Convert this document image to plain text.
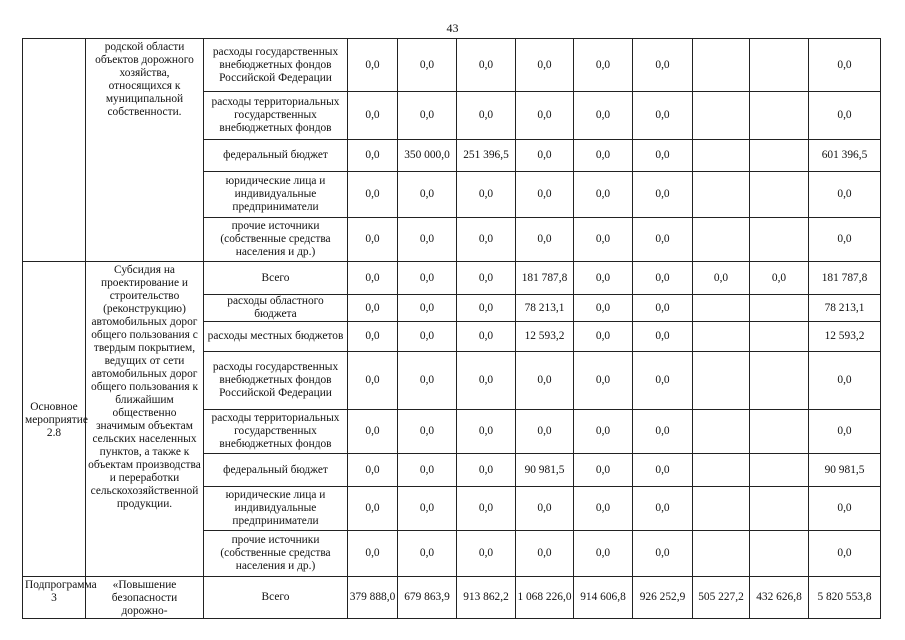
43
	родской области объектов дорожного хозяйства, относящихся к муниципальной собственности.	расходы государственных внебюджетных фондов Российской Федерации	0,0	0,0	0,0	0,0	0,0	0,0			0,0
		расходы территориальных государственных внебюджетных фондов	0,0	0,0	0,0	0,0	0,0	0,0			0,0
		федеральный бюджет	0,0	350 000,0	251 396,5	0,0	0,0	0,0			601 396,5
		юридические лица и индивидуальные предприниматели	0,0	0,0	0,0	0,0	0,0	0,0			0,0
		прочие источники (собственные средства населения и др.)	0,0	0,0	0,0	0,0	0,0	0,0			0,0
Основное мероприятие 2.8	Субсидия на проектирование и строительство (реконструкцию) автомобильных дорог общего пользования с твердым покрытием, ведущих от сети автомобильных дорог общего пользования к ближайшим общественно значимым объектам сельских населенных пунктов, а также к объектам производства и переработки сельскохозяйственной продукции.	Всего	0,0	0,0	0,0	181 787,8	0,0	0,0	0,0	0,0	181 787,8
		расходы областного бюджета	0,0	0,0	0,0	78 213,1	0,0	0,0			78 213,1
		расходы местных бюджетов	0,0	0,0	0,0	12 593,2	0,0	0,0			12 593,2
		расходы государственных внебюджетных фондов Российской Федерации	0,0	0,0	0,0	0,0	0,0	0,0			0,0
		расходы территориальных государственных внебюджетных фондов	0,0	0,0	0,0	0,0	0,0	0,0			0,0
		федеральный бюджет	0,0	0,0	0,0	90 981,5	0,0	0,0			90 981,5
		юридические лица и индивидуальные предприниматели	0,0	0,0	0,0	0,0	0,0	0,0			0,0
		прочие источники (собственные средства населения и др.)	0,0	0,0	0,0	0,0	0,0	0,0			0,0
Подпрограмма 3	«Повышение безопасности дорожно-	Всего	379 888,0	679 863,9	913 862,2	1 068 226,0	914 606,8	926 252,9	505 227,2	432 626,8	5 820 553,8
